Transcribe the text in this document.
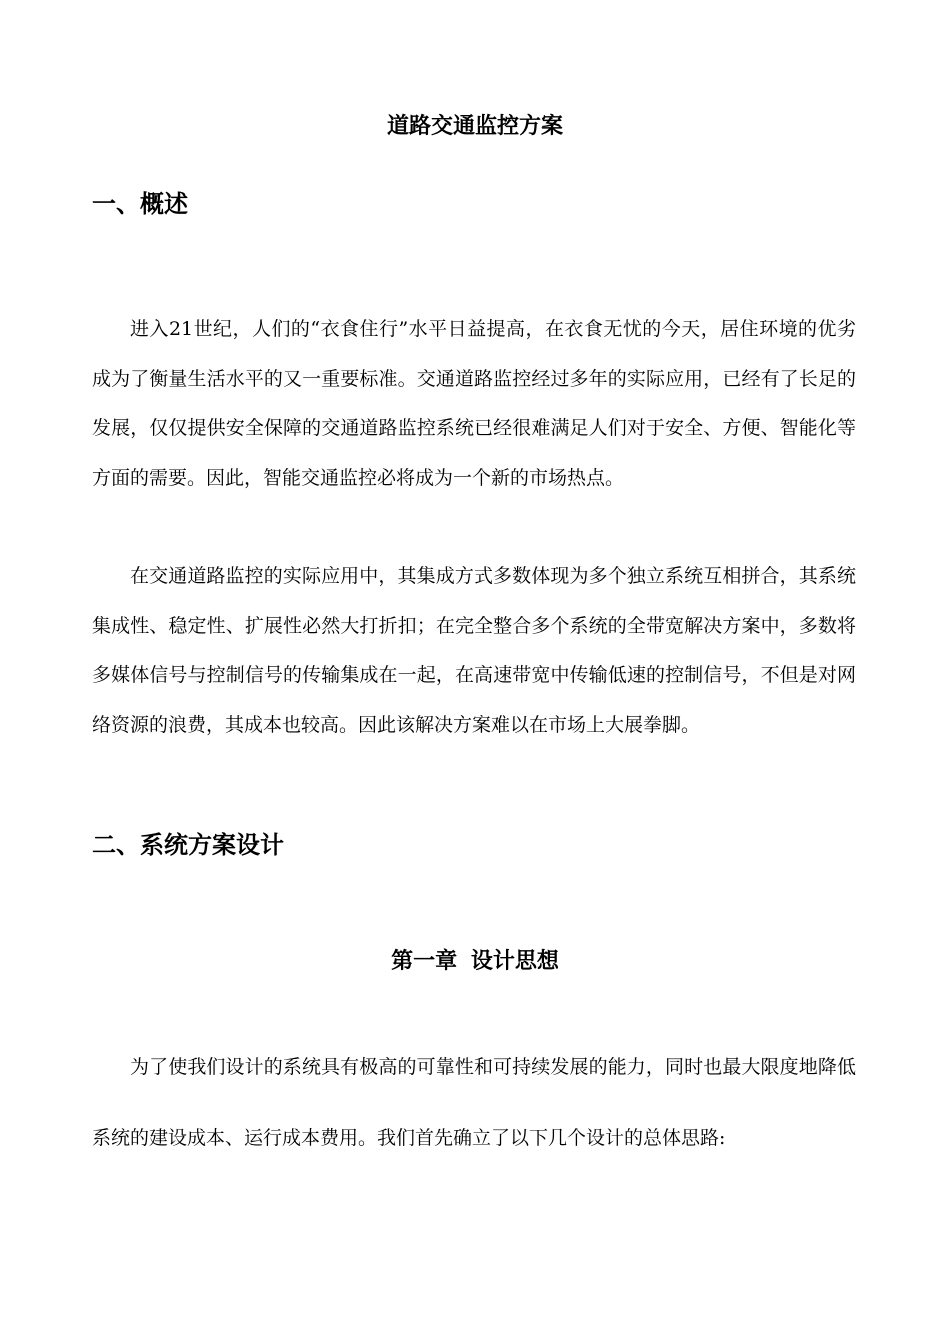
道路交通监控方案
一、概述

进入21世纪，人们的“衣食住行”水平日益提高，在衣食无忧的今天，居住环境的优劣成为了衡量生活水平的又一重要标准。交通道路监控经过多年的实际应用，已经有了长足的发展，仅仅提供安全保障的交通道路监控系统已经很难满足人们对于安全、方便、智能化等方面的需要。因此，智能交通监控必将成为一个新的市场热点。

在交通道路监控的实际应用中，其集成方式多数体现为多个独立系统互相拼合，其系统集成性、稳定性、扩展性必然大打折扣；在完全整合多个系统的全带宽解决方案中，多数将多媒体信号与控制信号的传输集成在一起，在高速带宽中传输低速的控制信号，不但是对网络资源的浪费，其成本也较高。因此该解决方案难以在市场上大展拳脚。

二、系统方案设计
第一章 设计思想

为了使我们设计的系统具有极高的可靠性和可持续发展的能力，同时也最大限度地降低系统的建设成本、运行成本费用。我们首先确立了以下几个设计的总体思路:
